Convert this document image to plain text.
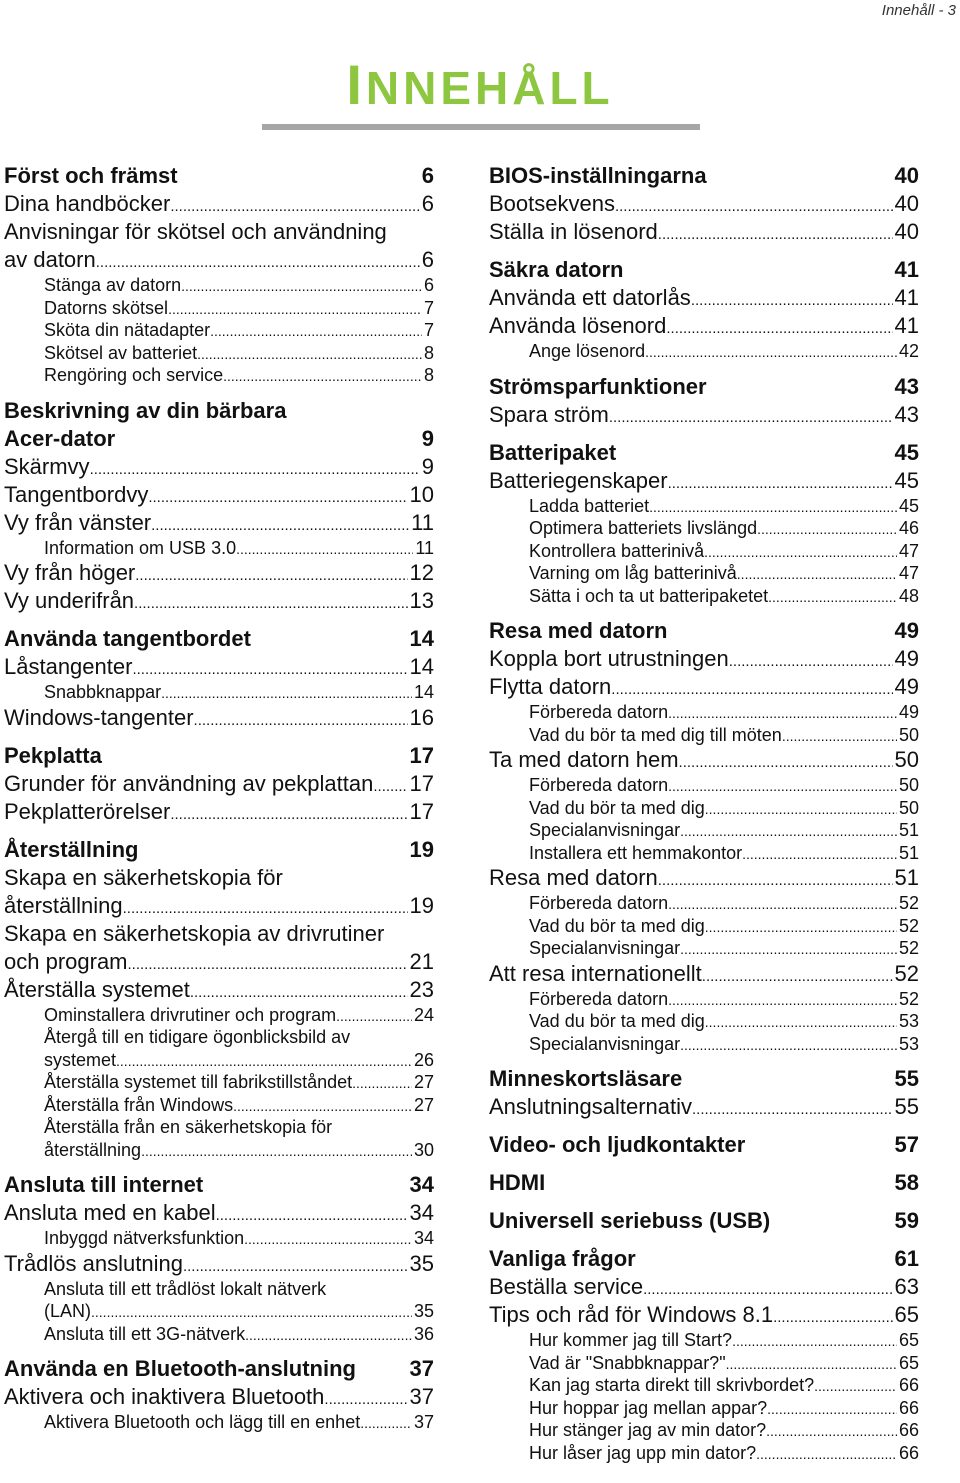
Innehåll - 3
INNEHÅLL
Först och främst	6
Dina handböcker .....	6
Anvisningar för skötsel och användning
av datorn .....	6
Stänga av datorn .....	6
Datorns skötsel .....	7
Sköta din nätadapter .....	7
Skötsel av batteriet .....	8
Rengöring och service .....	8
Beskrivning av din bärbara
Acer-dator	9
Skärmvy .....	9
Tangentbordvy .....	10
Vy från vänster .....	11
Information om USB 3.0 .....	11
Vy från höger .....	12
Vy underifrån .....	13
Använda tangentbordet	14
Låstangenter .....	14
Snabbknappar .....	14
Windows-tangenter .....	16
Pekplatta	17
Grunder för användning av pekplattan ..... 17
Pekplatterörelser .....	17
Återställning	19
Skapa en säkerhetskopia för
återställning .....	19
Skapa en säkerhetskopia av drivrutiner
och program .....	21
Återställa systemet .....	23
Ominstallera drivrutiner och program .....	24
Återgå till en tidigare ögonblicksbild av
systemet .....	26
Återställa systemet till fabrikstillståndet .....	27
Återställa från Windows .....	27
Återställa från en säkerhetskopia för
återställning .....	30
Ansluta till internet	34
Ansluta med en kabel .....	34
Inbyggd nätverksfunktion .....	34
Trådlös anslutning .....	35
Ansluta till ett trådlöst lokalt nätverk
(LAN) .....	35
Ansluta till ett 3G-nätverk .....	36
Använda en Bluetooth-anslutning 37
Aktivera och inaktivera Bluetooth .....	37
Aktivera Bluetooth och lägg till en enhet .....	37
BIOS-inställningarna	40
Bootsekvens .....	40
Ställa in lösenord .....	40
Säkra datorn	41
Använda ett datorlås .....	41
Använda lösenord .....	41
Ange lösenord .....	42
Strömsparfunktioner	43
Spara ström .....	43
Batteripaket	45
Batteriegenskaper .....	45
Ladda batteriet .....	45
Optimera batteriets livslängd .....	46
Kontrollera batterinivå .....	47
Varning om låg batterinivå .....	47
Sätta i och ta ut batteripaketet .....	48
Resa med datorn	49
Koppla bort utrustningen .....	49
Flytta datorn .....	49
Förbereda datorn .....	49
Vad du bör ta med dig till möten .....	50
Ta med datorn hem .....	50
Förbereda datorn .....	50
Vad du bör ta med dig .....	50
Specialanvisningar .....	51
Installera ett hemmakontor .....	51
Resa med datorn .....	51
Förbereda datorn .....	52
Vad du bör ta med dig .....	52
Specialanvisningar .....	52
Att resa internationellt .....	52
Förbereda datorn .....	52
Vad du bör ta med dig .....	53
Specialanvisningar .....	53
Minneskortsläsare	55
Anslutningsalternativ .....	55
Video- och ljudkontakter	57
HDMI	58
Universell seriebuss (USB)	59
Vanliga frågor	61
Beställa service .....	63
Tips och råd för Windows 8.1 .....	65
Hur kommer jag till Start? .....	65
Vad är "Snabbknappar?" .....	65
Kan jag starta direkt till skrivbordet? .....	66
Hur hoppar jag mellan appar? .....	66
Hur stänger jag av min dator? .....	66
Hur låser jag upp min dator? .....	66
